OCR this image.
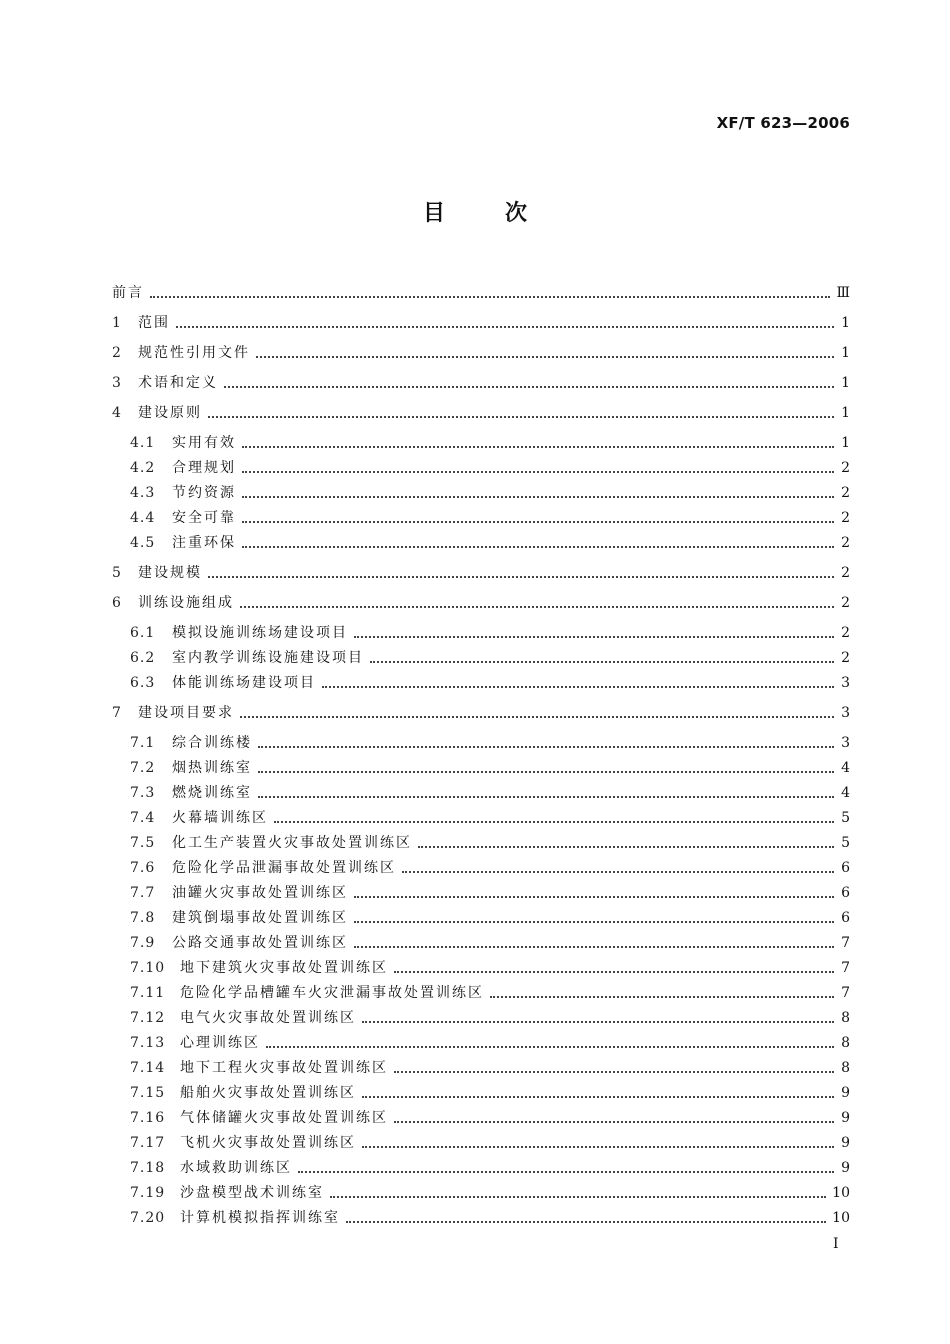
XF/T 623—2006
目次
前言	Ⅲ
1	范围	1
2	规范性引用文件	1
3	术语和定义	1
4	建设原则	1
4.1	实用有效	1
4.2	合理规划	2
4.3	节约资源	2
4.4	安全可靠	2
4.5	注重环保	2
5	建设规模	2
6	训练设施组成	2
6.1	模拟设施训练场建设项目	2
6.2	室内教学训练设施建设项目	2
6.3	体能训练场建设项目	3
7	建设项目要求	3
7.1	综合训练楼	3
7.2	烟热训练室	4
7.3	燃烧训练室	4
7.4	火幕墙训练区	5
7.5	化工生产装置火灾事故处置训练区	5
7.6	危险化学品泄漏事故处置训练区	6
7.7	油罐火灾事故处置训练区	6
7.8	建筑倒塌事故处置训练区	6
7.9	公路交通事故处置训练区	7
7.10	地下建筑火灾事故处置训练区	7
7.11	危险化学品槽罐车火灾泄漏事故处置训练区	7
7.12	电气火灾事故处置训练区	8
7.13	心理训练区	8
7.14	地下工程火灾事故处置训练区	8
7.15	船舶火灾事故处置训练区	9
7.16	气体储罐火灾事故处置训练区	9
7.17	飞机火灾事故处置训练区	9
7.18	水域救助训练区	9
7.19	沙盘模型战术训练室	10
7.20	计算机模拟指挥训练室	10
I
